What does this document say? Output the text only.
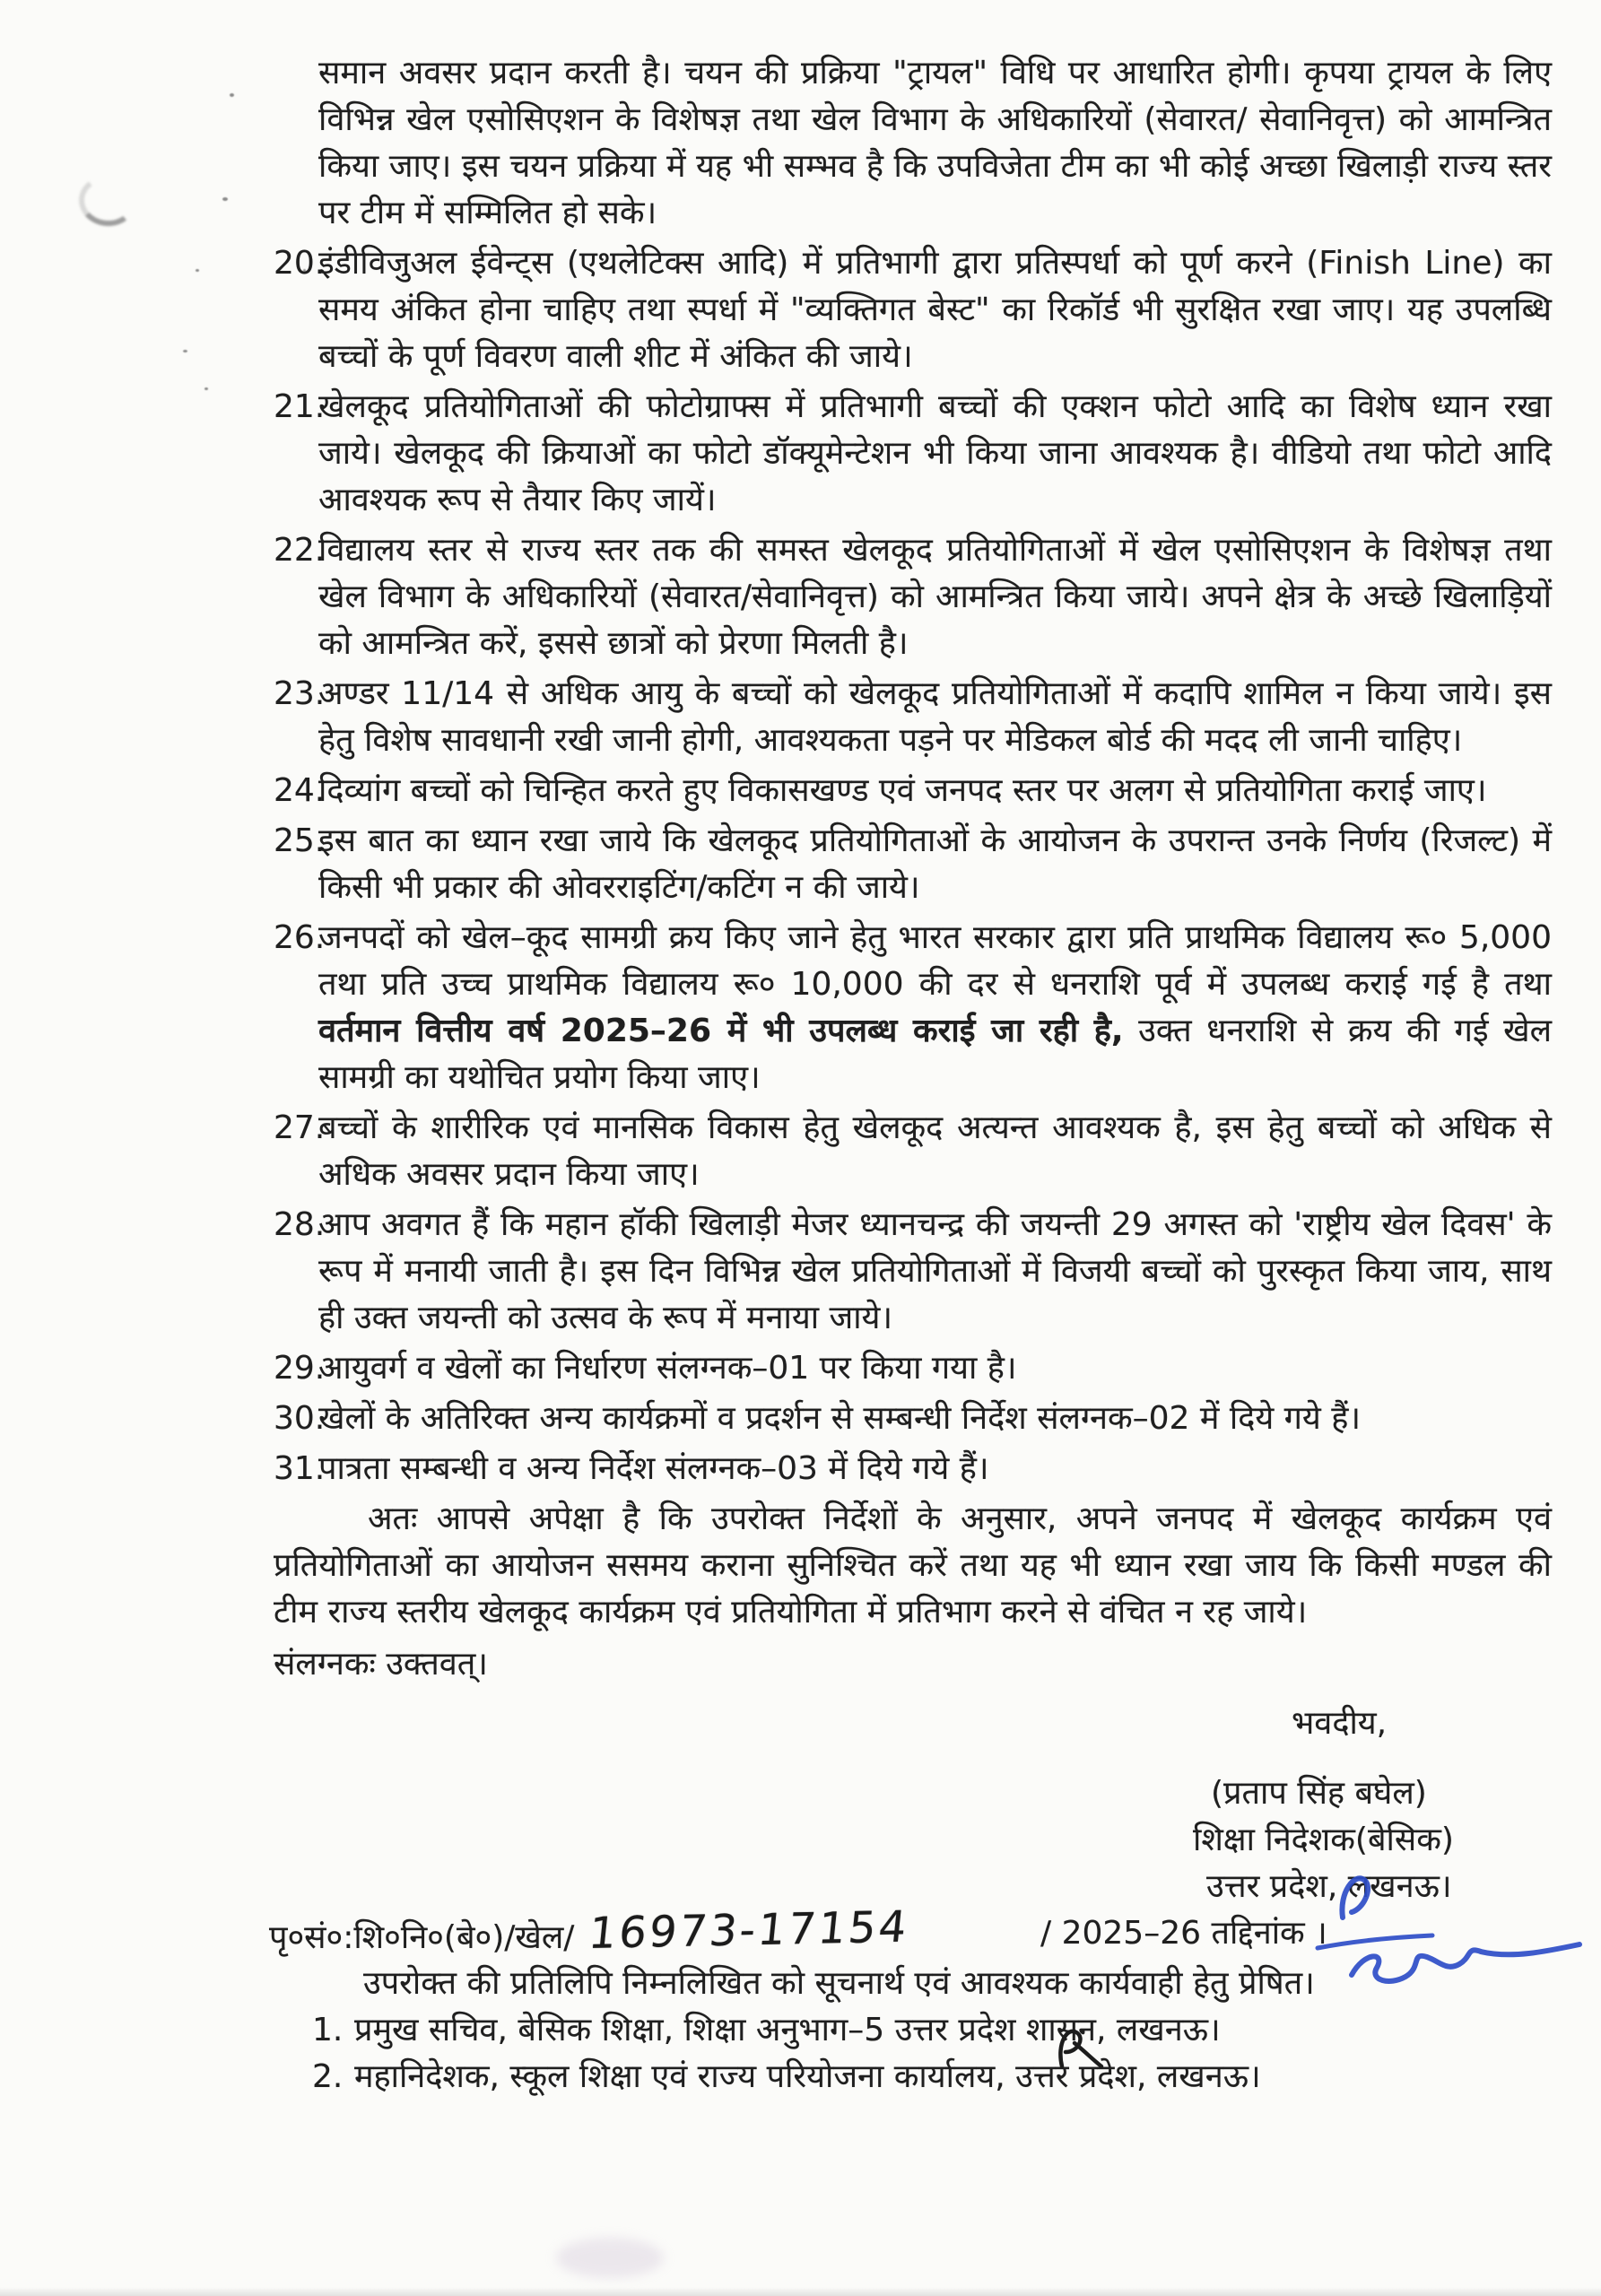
समान अवसर प्रदान करती है। चयन की प्रक्रिया "ट्रायल" विधि पर आधारित होगी। कृपया ट्रायल के लिए विभिन्न खेल एसोसिएशन के विशेषज्ञ तथा खेल विभाग के अधिकारियों (सेवारत/ सेवानिवृत्त) को आमन्त्रित किया जाए। इस चयन प्रक्रिया में यह भी सम्भव है कि उपविजेता टीम का भी कोई अच्छा खिलाड़ी राज्य स्तर पर टीम में सम्मिलित हो सके।

20.
इंडीविजुअल ईवेन्ट्स (एथलेटिक्स आदि) में प्रतिभागी द्वारा प्रतिस्पर्धा को पूर्ण करने (Finish Line) का समय अंकित होना चाहिए तथा स्पर्धा में "व्यक्तिगत बेस्ट" का रिकॉर्ड भी सुरक्षित रखा जाए। यह उपलब्धि बच्चों के पूर्ण विवरण वाली शीट में अंकित की जाये।
21.
खेलकूद प्रतियोगिताओं की फोटोग्राफ्स में प्रतिभागी बच्चों की एक्शन फोटो आदि का विशेष ध्यान रखा जाये। खेलकूद की क्रियाओं का फोटो डॉक्यूमेन्टेशन भी किया जाना आवश्यक है। वीडियो तथा फोटो आदि आवश्यक रूप से तैयार किए जायें।
22.
विद्यालय स्तर से राज्य स्तर तक की समस्त खेलकूद प्रतियोगिताओं में खेल एसोसिएशन के विशेषज्ञ तथा खेल विभाग के अधिकारियों (सेवारत/सेवानिवृत्त) को आमन्त्रित किया जाये। अपने क्षेत्र के अच्छे खिलाड़ियों को आमन्त्रित करें, इससे छात्रों को प्रेरणा मिलती है।
23.
अण्डर 11/14 से अधिक आयु के बच्चों को खेलकूद प्रतियोगिताओं में कदापि शामिल न किया जाये। इस हेतु विशेष सावधानी रखी जानी होगी, आवश्यकता पड़ने पर मेडिकल बोर्ड की मदद ली जानी चाहिए।
24.
दिव्यांग बच्चों को चिन्हित करते हुए विकासखण्ड एवं जनपद स्तर पर अलग से प्रतियोगिता कराई जाए।
25.
इस बात का ध्यान रखा जाये कि खेलकूद प्रतियोगिताओं के आयोजन के उपरान्त उनके निर्णय (रिजल्ट) में किसी भी प्रकार की ओवरराइटिंग/कटिंग न की जाये।
26.
जनपदों को खेल–कूद सामग्री क्रय किए जाने हेतु भारत सरकार द्वारा प्रति प्राथमिक विद्यालय रू० 5,000 तथा प्रति उच्च प्राथमिक विद्यालय रू० 10,000 की दर से धनराशि पूर्व में उपलब्ध कराई गई है तथा वर्तमान वित्तीय वर्ष 2025–26 में भी उपलब्ध कराई जा रही है, उक्त धनराशि से क्रय की गई खेल सामग्री का यथोचित प्रयोग किया जाए।
27.
बच्चों के शारीरिक एवं मानसिक विकास हेतु खेलकूद अत्यन्त आवश्यक है, इस हेतु बच्चों को अधिक से अधिक अवसर प्रदान किया जाए।
28.
आप अवगत हैं कि महान हॉकी खिलाड़ी मेजर ध्यानचन्द्र की जयन्ती 29 अगस्त को 'राष्ट्रीय खेल दिवस' के रूप में मनायी जाती है। इस दिन विभिन्न खेल प्रतियोगिताओं में विजयी बच्चों को पुरस्कृत किया जाय, साथ ही उक्त जयन्ती को उत्सव के रूप में मनाया जाये।
29.
आयुवर्ग व खेलों का निर्धारण संलग्नक–01 पर किया गया है।
30.
खेलों के अतिरिक्त अन्य कार्यक्रमों व प्रदर्शन से सम्बन्धी निर्देश संलग्नक–02 में दिये गये हैं।
31.
पात्रता सम्बन्धी व अन्य निर्देश संलग्नक–03 में दिये गये हैं।

अतः आपसे अपेक्षा है कि उपरोक्त निर्देशों के अनुसार, अपने जनपद में खेलकूद कार्यक्रम एवं प्रतियोगिताओं का आयोजन ससमय कराना सुनिश्चित करें तथा यह भी ध्यान रखा जाय कि किसी मण्डल की टीम राज्य स्तरीय खेलकूद कार्यक्रम एवं प्रतियोगिता में प्रतिभाग करने से वंचित न रह जाये।

संलग्नकः उक्तवत्।

भवदीय,

(प्रताप सिंह बघेल)

शिक्षा निदेशक(बेसिक)

उत्तर प्रदेश, लखनऊ।

पृ०सं०:शि०नि०(बे०)/खेल/ 16973-17154	/ 2025–26 तद्दिनांक ।

उपरोक्त की प्रतिलिपि निम्नलिखित को सूचनार्थ एवं आवश्यक कार्यवाही हेतु प्रेषित।

1. प्रमुख सचिव, बेसिक शिक्षा, शिक्षा अनुभाग–5 उत्तर प्रदेश शासन, लखनऊ।
2. महानिदेशक, स्कूल शिक्षा एवं राज्य परियोजना कार्यालय, उत्तर प्रदेश, लखनऊ।
